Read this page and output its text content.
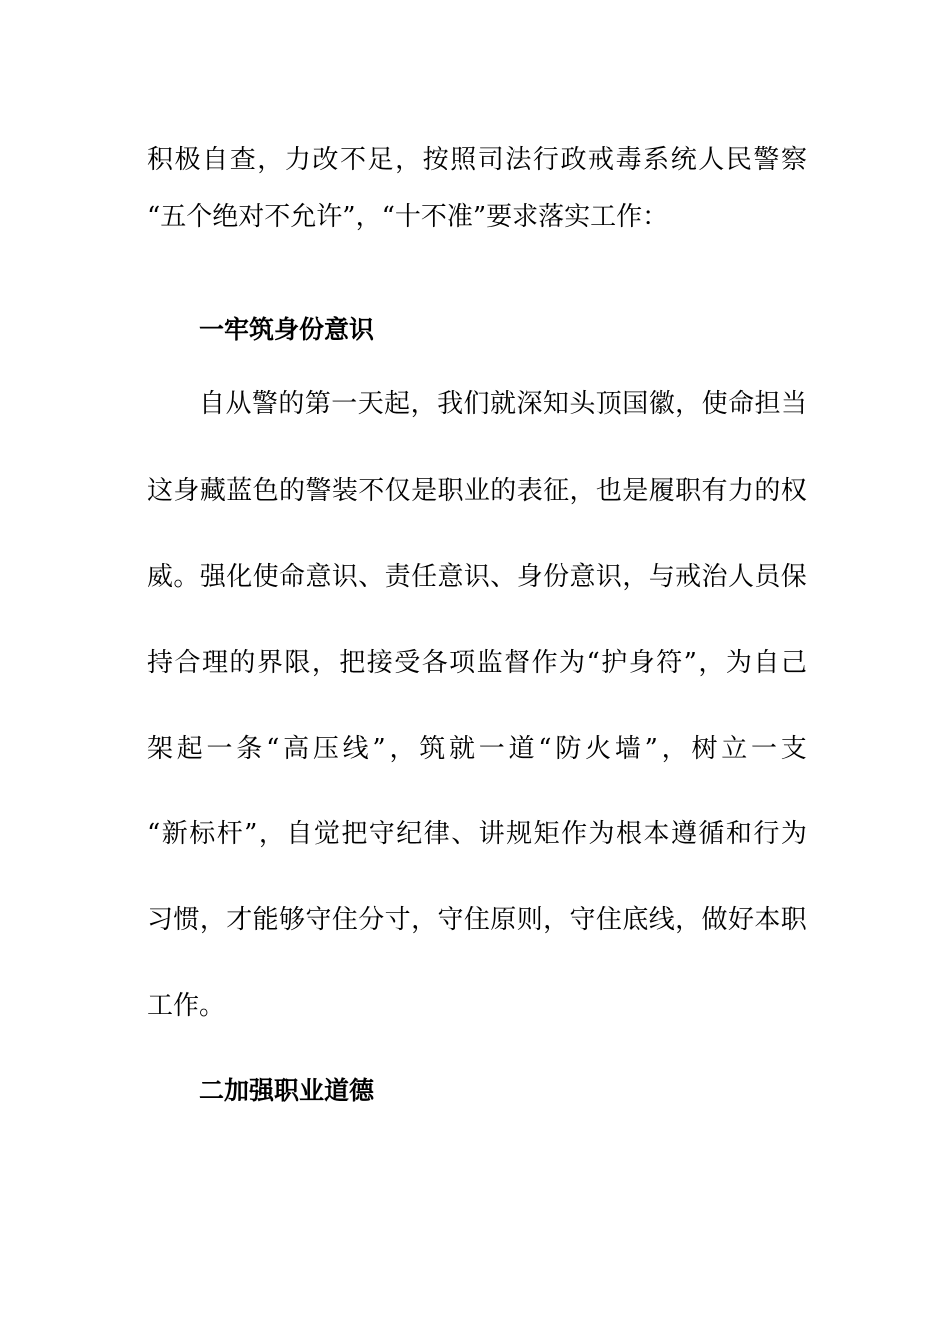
积 极 自 查 ， 力 改 不 足 ， 按 照 司 法 行 政 戒 毒 系 统 人 民 警 察
“五个绝对不允许”，“十不准”要求落实工作：
一牢筑身份意识
自 从 警 的 第 一 天 起 ， 我 们 就 深 知 头 顶 国 徽 ， 使 命 担 当
这 身 藏 蓝 色 的 警 装 不 仅 是 职 业 的 表 征 ， 也 是 履 职 有 力 的 权
威 。 强 化 使 命 意 识 、 责 任 意 识 、 身 份 意 识 ， 与 戒 治 人 员 保
持 合 理 的 界 限 ， 把 接 受 各 项 监 督 作 为 “ 护 身 符 ” ， 为 自 己
架 起 一 条 “ 高 压 线 ” ， 筑 就 一 道 “ 防 火 墙 ” ， 树 立 一 支
“ 新 标 杆 ” ， 自 觉 把 守 纪 律 、 讲 规 矩 作 为 根 本 遵 循 和 行 为
习 惯 ， 才 能 够 守 住 分 寸 ， 守 住 原 则 ， 守 住 底 线 ， 做 好 本 职
工作。
二加强职业道德
